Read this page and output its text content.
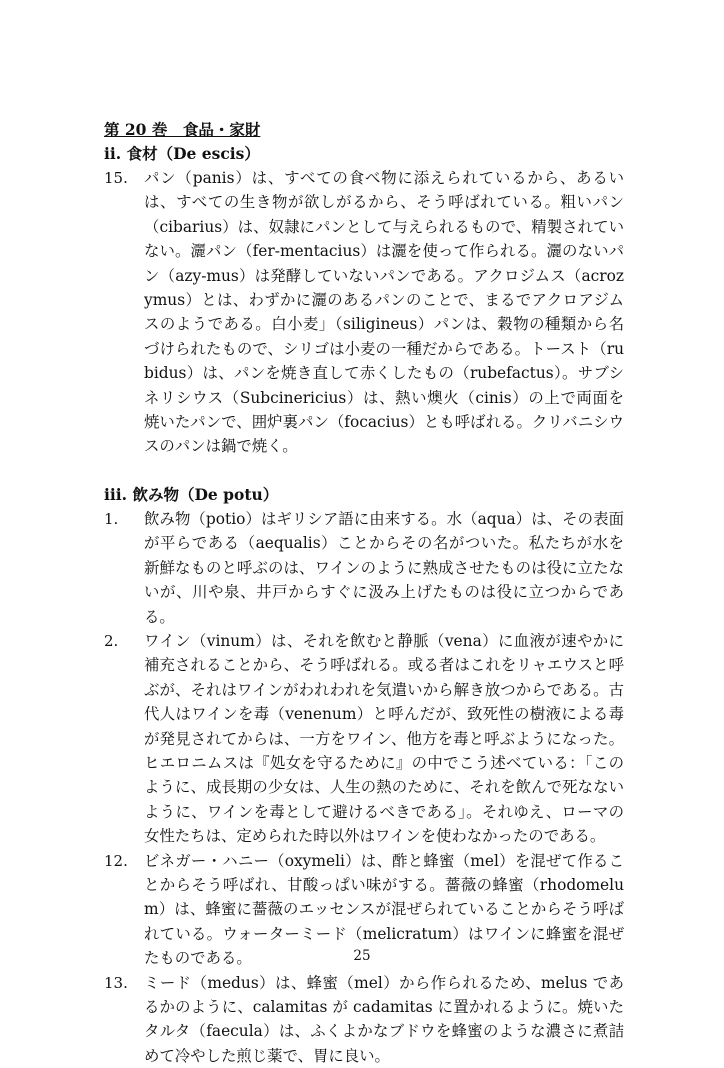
第 20 巻　食品・家財

ii. 食材（De escis）

15.	パン（panis）は、すべての食べ物に添えられているから、あるいは、すべての生き物が欲しがるから、そう呼ばれている。粗いパン（cibarius）は、奴隷にパンとして与えられるもので、精製されていない。灑パン（fer-mentacius）は灑を使って作られる。灑のないパン（azy-mus）は発酵していないパンである。アクロジムス（acrozymus）とは、わずかに灑のあるパンのことで、まるでアクロアジムスのようである。白小麦」（siligineus）パンは、穀物の種類から名づけられたもので、シリゴは小麦の一種だからである。トースト（rubidus）は、パンを焼き直して赤くしたもの（rubefactus）。サブシネリシウス（Subcinericius）は、熱い燠火（cinis）の上で両面を焼いたパンで、囲炉裏パン（focacius）とも呼ばれる。クリバニシウスのパンは鍋で焼く。

iii. 飲み物（De potu）

1.	飲み物（potio）はギリシア語に由来する。水（aqua）は、その表面が平らである（aequalis）ことからその名がついた。私たちが水を新鮮なものと呼ぶのは、ワインのように熟成させたものは役に立たないが、川や泉、井戸からすぐに汲み上げたものは役に立つからである。
2.	ワイン（vinum）は、それを飲むと静脈（vena）に血液が速やかに補充されることから、そう呼ばれる。或る者はこれをリャエウスと呼ぶが、それはワインがわれわれを気遣いから解き放つからである。古代人はワインを毒（venenum）と呼んだが、致死性の樹液による毒が発見されてからは、一方をワイン、他方を毒と呼ぶようになった。ヒエロニムスは『処女を守るために』の中でこう述べている：「このように、成長期の少女は、人生の熱のために、それを飲んで死なないように、ワインを毒として避けるべきである」。それゆえ、ローマの女性たちは、定められた時以外はワインを使わなかったのである。
12.	ビネガー・ハニー（oxymeli）は、酢と蜂蜜（mel）を混ぜて作ることからそう呼ばれ、甘酸っぱい味がする。薔薇の蜂蜜（rhodomelum）は、蜂蜜に薔薇のエッセンスが混ぜられていることからそう呼ばれている。ウォーターミード（melicratum）はワインに蜂蜜を混ぜたものである。
13.	ミード（medus）は、蜂蜜（mel）から作られるため、melus であるかのように、calamitas が cadamitas に置かれるように。焼いたタルタ（faecula）は、ふくよかなブドウを蜂蜜のような濃さに煮詰めて冷やした煎じ薬で、胃に良い。
25
